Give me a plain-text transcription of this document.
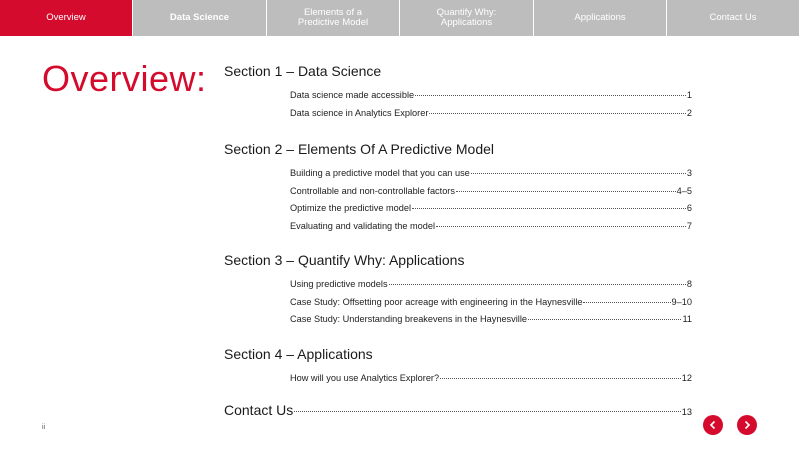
Overview	Data Science	Elements of a
Predictive Model
Quantify Why:
Applications	Applications	Contact Us
Overview: Section 1 – Data Science
Data science made accessible	1
Data science in Analytics Explorer	2
Section 2 – Elements Of A Predictive Model
Building a predictive model that you can use	3
Controllable and non-controllable factors	4–5
Optimize the predictive model	6
Evaluating and validating the model	7
Section 3 – Quantify Why: Applications
Using predictive models	8
Case Study: Offsetting poor acreage with engineering in the Haynesville	9–10
Case Study: Understanding breakevens in the Haynesville	11
Section 4 – Applications
How will you use Analytics Explorer?	12
Contact Us	13
ii
